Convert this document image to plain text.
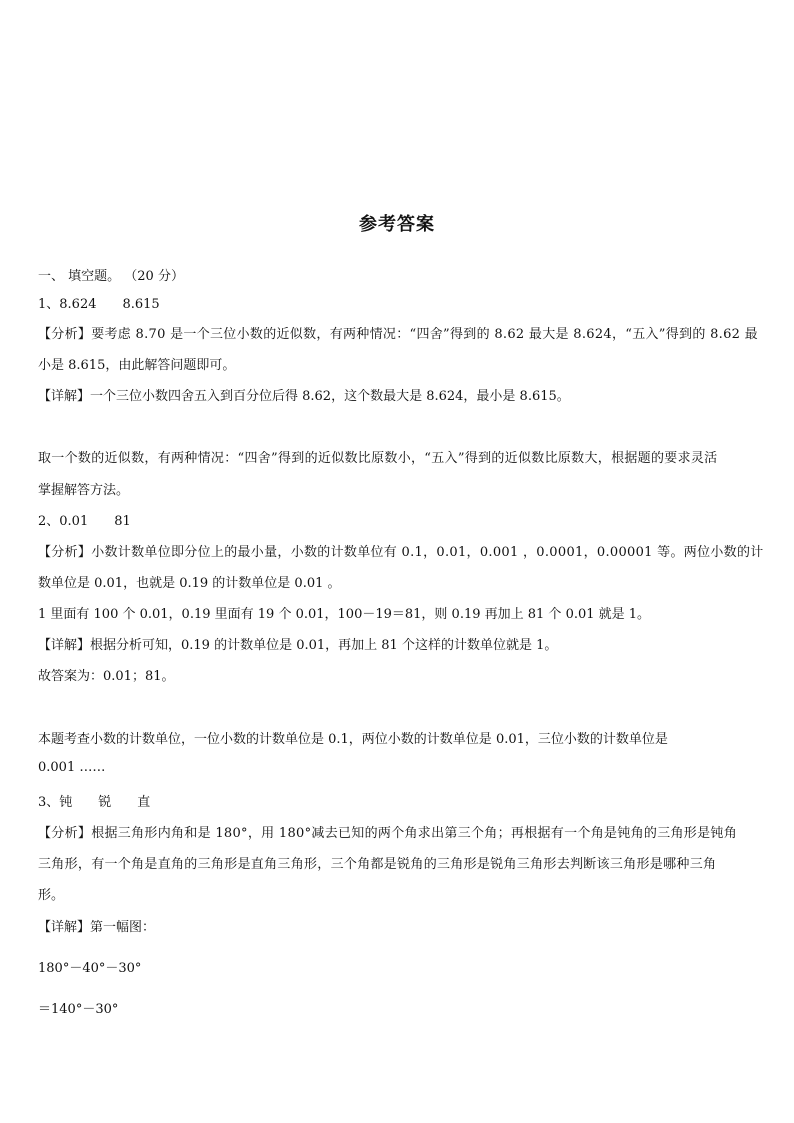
参考答案
一、 填空题。 （20 分）
1、8.624　　8.615
【分析】要考虑 8.70 是一个三位小数的近似数，有两种情况：“四舍”得到的 8.62 最大是 8.624，“五入”得到的 8.62 最
小是 8.615，由此解答问题即可。
【详解】一个三位小数四舍五入到百分位后得 8.62，这个数最大是 8.624，最小是 8.615。
取一个数的近似数，有两种情况：“四舍”得到的近似数比原数小，“五入”得到的近似数比原数大，根据题的要求灵活
掌握解答方法。
2、0.01　　81
【分析】小数计数单位即分位上的最小量，小数的计数单位有 0.1，0.01，0.001 ，0.0001，0.00001 等。两位小数的计
数单位是 0.01，也就是 0.19 的计数单位是 0.01 。
1 里面有 100 个 0.01，0.19 里面有 19 个 0.01，100－19＝81，则 0.19 再加上 81 个 0.01 就是 1。
【详解】根据分析可知，0.19 的计数单位是 0.01，再加上 81 个这样的计数单位就是 1。
故答案为：0.01；81。
本题考查小数的计数单位，一位小数的计数单位是 0.1，两位小数的计数单位是 0.01，三位小数的计数单位是
0.001 ……
3、钝　　锐　　直
【分析】根据三角形内角和是 180°，用 180°减去已知的两个角求出第三个角；再根据有一个角是钝角的三角形是钝角
三角形，有一个角是直角的三角形是直角三角形，三个角都是锐角的三角形是锐角三角形去判断该三角形是哪种三角
形。
【详解】第一幅图：
180°－40°－30°
＝140°－30°
